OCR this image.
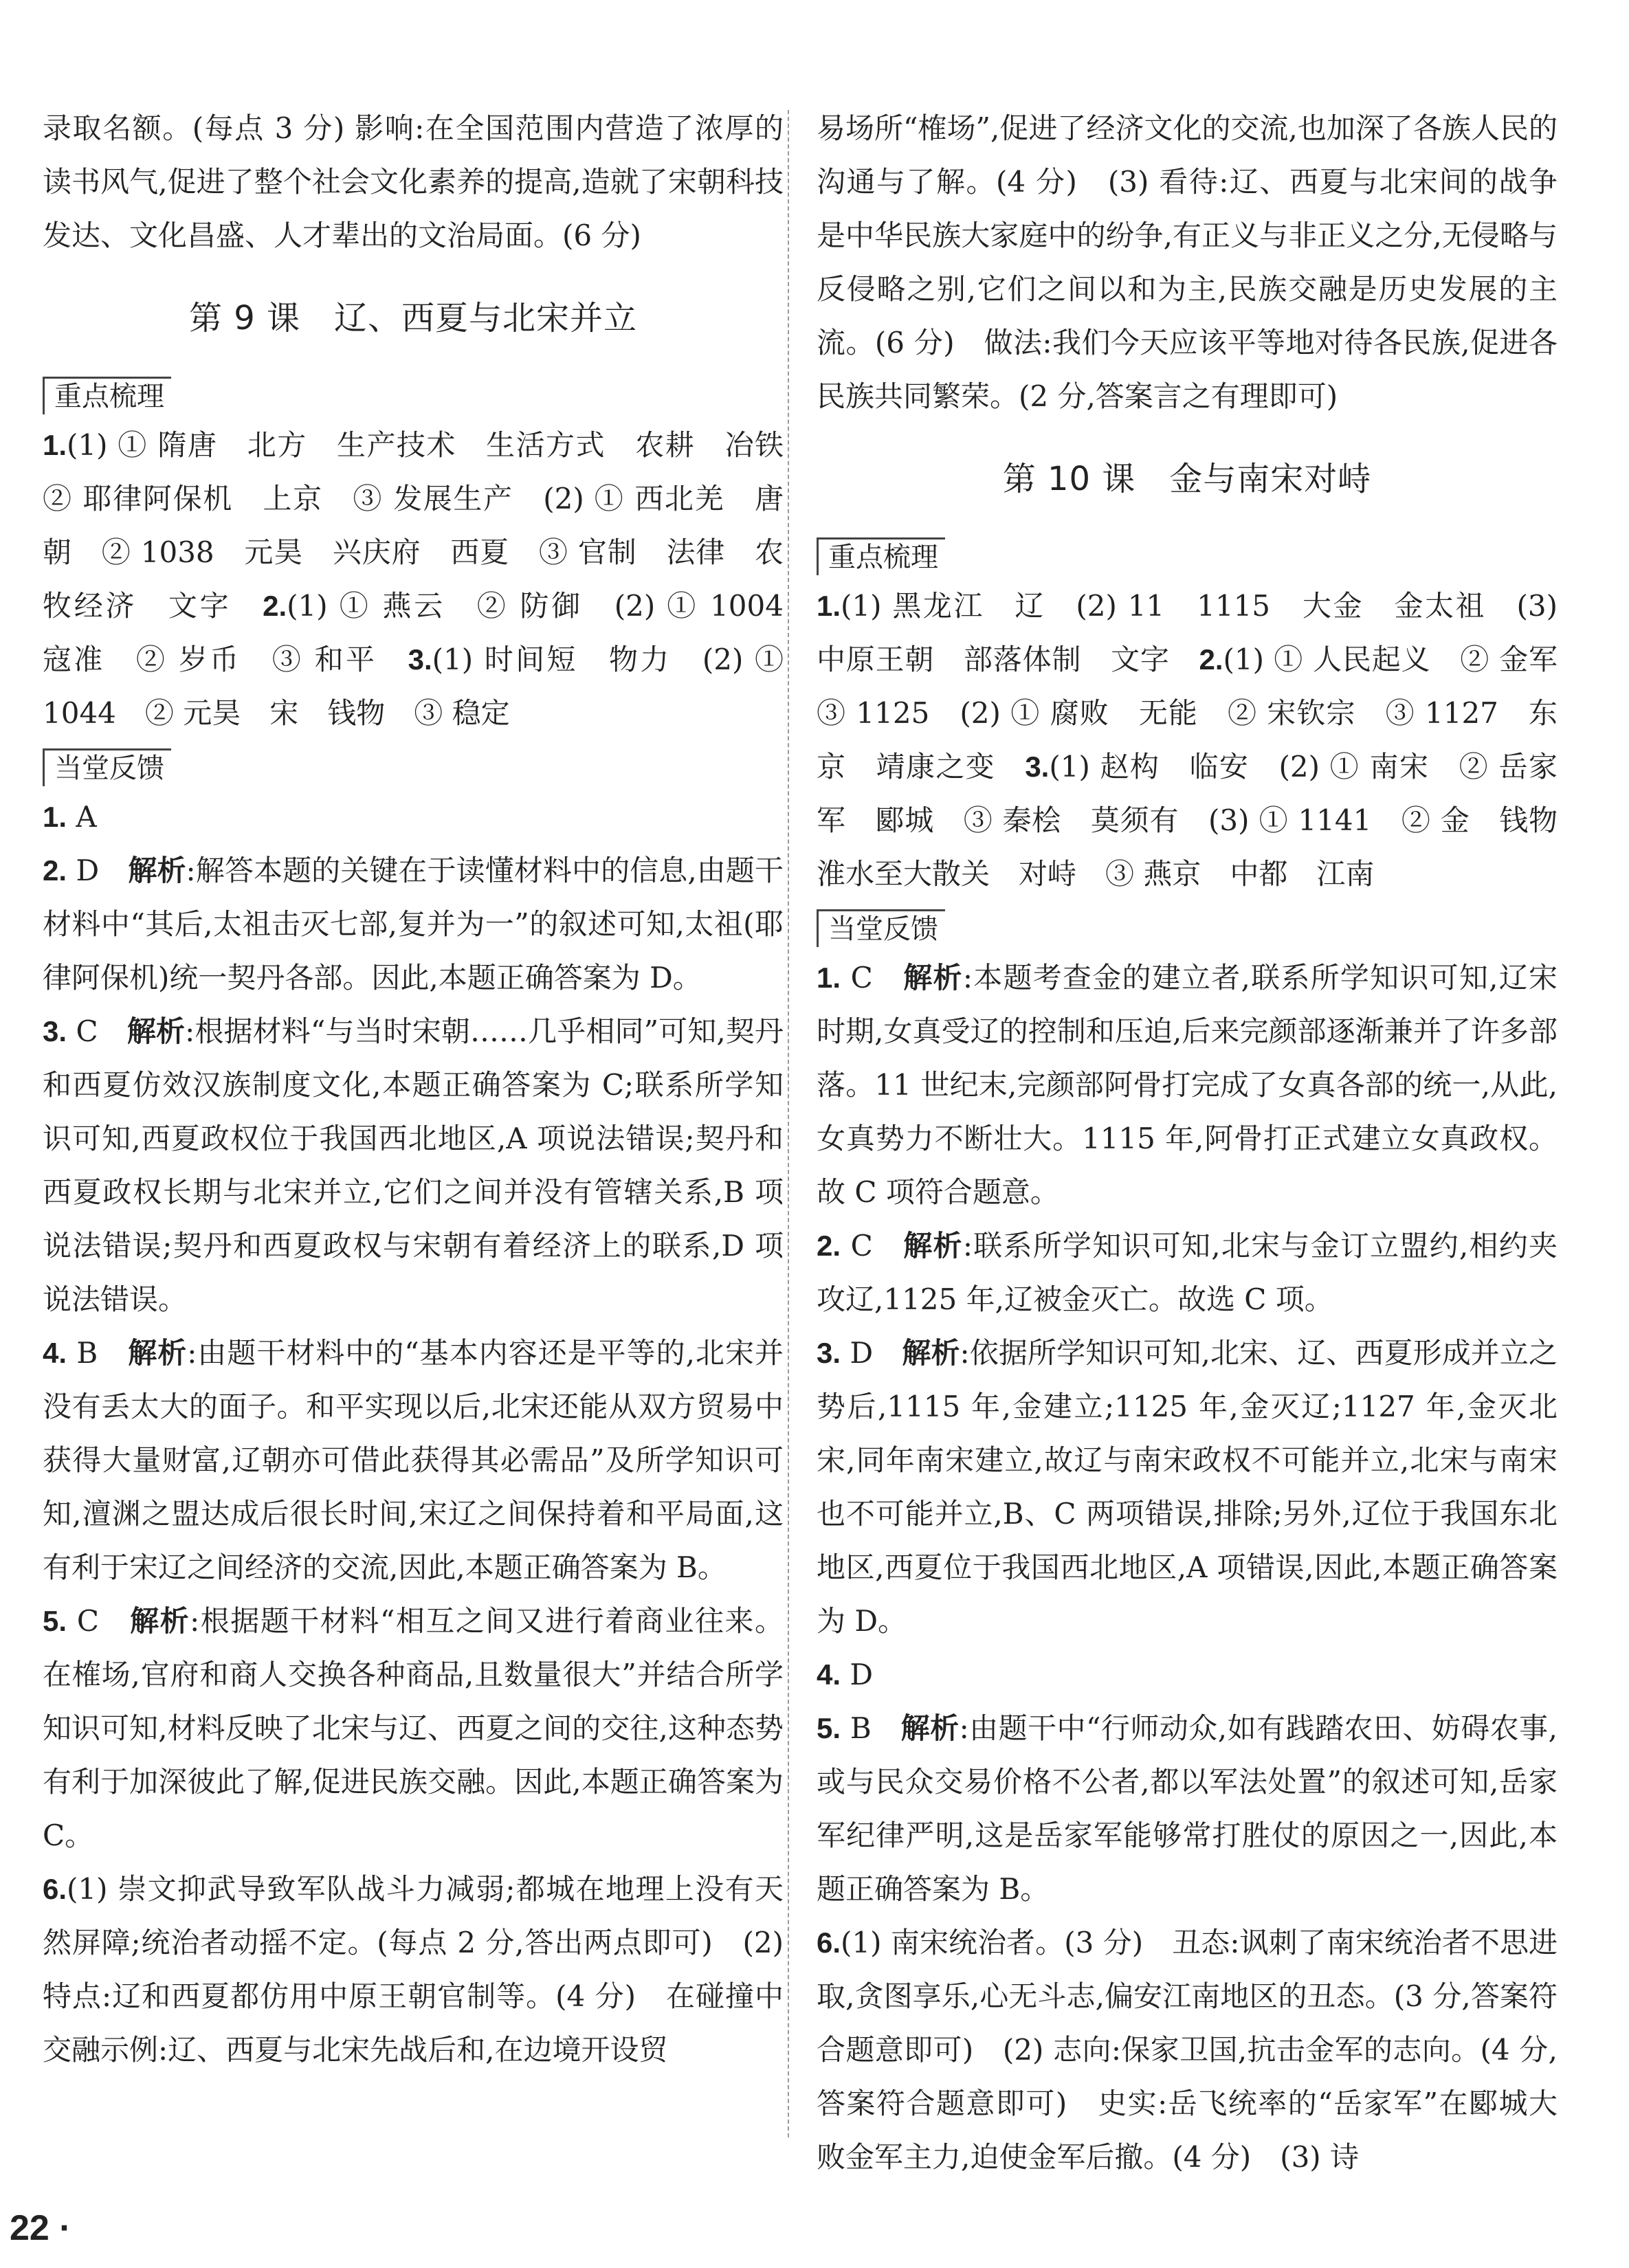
录取名额。(每点 3 分) 影响:在全国范围内营造了浓厚的读书风气,促进了整个社会文化素养的提高,造就了宋朝科技发达、文化昌盛、人才辈出的文治局面。(6 分)

第 9 课　辽、西夏与北宋并立
重点梳理

1.(1) ① 隋唐　北方　生产技术　生活方式　农耕　冶铁　② 耶律阿保机　上京　③ 发展生产　(2) ① 西北羌　唐朝　② 1038　元昊　兴庆府　西夏　③ 官制　法律　农牧经济　文字　2.(1) ① 燕云　② 防御　(2) ① 1004　寇准　② 岁币　③ 和平　3.(1) 时间短　物力　(2) ① 1044　② 元昊　宋　钱物　③ 稳定

当堂反馈

1. A

2. D　 解析:解答本题的关键在于读懂材料中的信息,由题干材料中“其后,太祖击灭七部,复并为一”的叙述可知,太祖(耶律阿保机)统一契丹各部。因此,本题正确答案为 D。

3. C　 解析:根据材料“与当时宋朝……几乎相同”可知,契丹和西夏仿效汉族制度文化,本题正确答案为 C;联系所学知识可知,西夏政权位于我国西北地区,A 项说法错误;契丹和西夏政权长期与北宋并立,它们之间并没有管辖关系,B 项说法错误;契丹和西夏政权与宋朝有着经济上的联系,D 项说法错误。

4. B　 解析:由题干材料中的“基本内容还是平等的,北宋并没有丢太大的面子。和平实现以后,北宋还能从双方贸易中获得大量财富,辽朝亦可借此获得其必需品”及所学知识可知,澶渊之盟达成后很长时间,宋辽之间保持着和平局面,这有利于宋辽之间经济的交流,因此,本题正确答案为 B。

5. C　 解析:根据题干材料“相互之间又进行着商业往来。在榷场,官府和商人交换各种商品,且数量很大”并结合所学知识可知,材料反映了北宋与辽、西夏之间的交往,这种态势有利于加深彼此了解,促进民族交融。因此,本题正确答案为 C。

6.(1) 崇文抑武导致军队战斗力减弱;都城在地理上没有天然屏障;统治者动摇不定。(每点 2 分,答出两点即可)　(2) 特点:辽和西夏都仿用中原王朝官制等。(4 分)　在碰撞中交融示例:辽、西夏与北宋先战后和,在边境开设贸

易场所“榷场”,促进了经济文化的交流,也加深了各族人民的沟通与了解。(4 分)　(3) 看待:辽、西夏与北宋间的战争是中华民族大家庭中的纷争,有正义与非正义之分,无侵略与反侵略之别,它们之间以和为主,民族交融是历史发展的主流。(6 分)　做法:我们今天应该平等地对待各民族,促进各民族共同繁荣。(2 分,答案言之有理即可)

第 10 课　金与南宋对峙
重点梳理

1.(1) 黑龙江　辽　(2) 11　1115　大金　金太祖　(3) 中原王朝　部落体制　文字　2.(1) ① 人民起义　② 金军　③ 1125　(2) ① 腐败　无能　② 宋钦宗　③ 1127　东京　靖康之变　3.(1) 赵构　临安　(2) ① 南宋　② 岳家军　郾城　③ 秦桧　莫须有　(3) ① 1141　② 金　钱物　淮水至大散关　对峙　③ 燕京　中都　江南

当堂反馈

1. C　 解析:本题考查金的建立者,联系所学知识可知,辽宋时期,女真受辽的控制和压迫,后来完颜部逐渐兼并了许多部落。11 世纪末,完颜部阿骨打完成了女真各部的统一,从此,女真势力不断壮大。1115 年,阿骨打正式建立女真政权。故 C 项符合题意。

2. C　 解析:联系所学知识可知,北宋与金订立盟约,相约夹攻辽,1125 年,辽被金灭亡。故选 C 项。

3. D　 解析:依据所学知识可知,北宋、辽、西夏形成并立之势后,1115 年,金建立;1125 年,金灭辽;1127 年,金灭北宋,同年南宋建立,故辽与南宋政权不可能并立,北宋与南宋也不可能并立,B、C 两项错误,排除;另外,辽位于我国东北地区,西夏位于我国西北地区,A 项错误,因此,本题正确答案为 D。

4. D

5. B　 解析:由题干中“行师动众,如有践踏农田、妨碍农事,或与民众交易价格不公者,都以军法处置”的叙述可知,岳家军纪律严明,这是岳家军能够常打胜仗的原因之一,因此,本题正确答案为 B。

6.(1) 南宋统治者。(3 分)　丑态:讽刺了南宋统治者不思进取,贪图享乐,心无斗志,偏安江南地区的丑态。(3 分,答案符合题意即可)　(2) 志向:保家卫国,抗击金军的志向。(4 分,答案符合题意即可)　史实:岳飞统率的“岳家军”在郾城大败金军主力,迫使金军后撤。(4 分)　(3) 诗

22 ·
